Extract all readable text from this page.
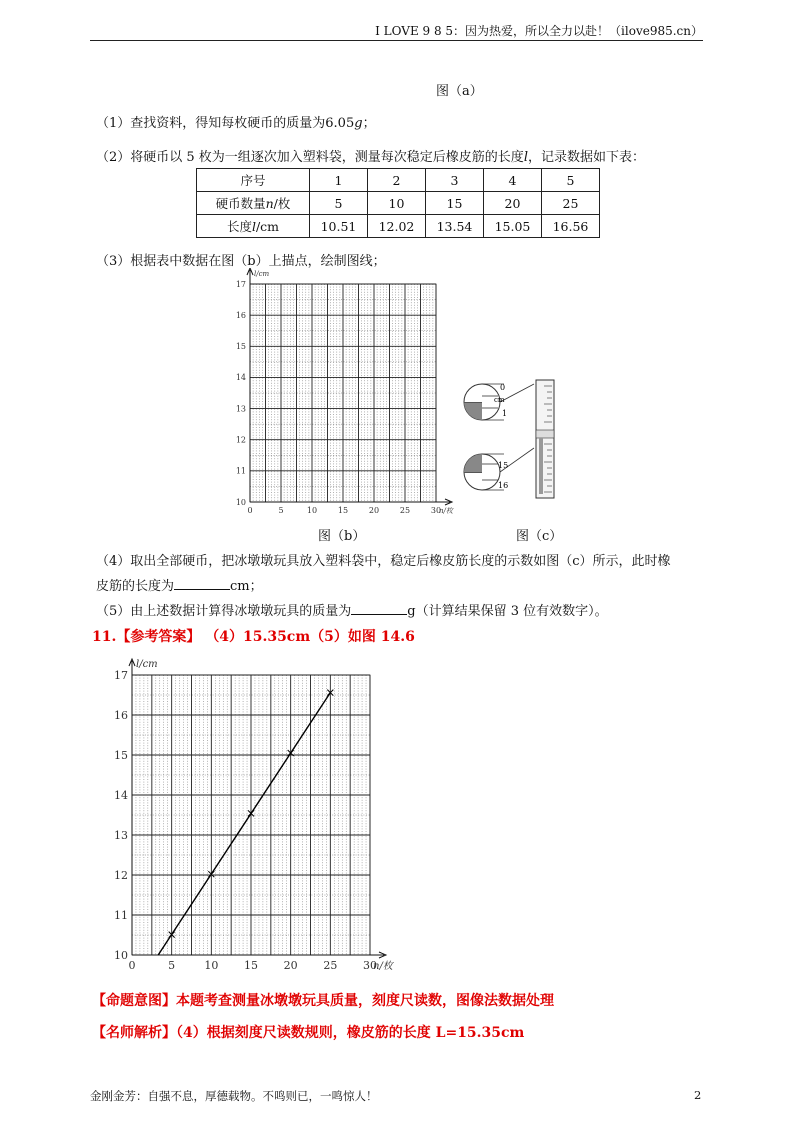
I LOVE 9 8 5：因为热爱，所以全力以赴！（ilove985.cn）
图（a）
（1）查找资料，得知每枚硬币的质量为6.05g；
（2）将硬币以 5 枚为一组逐次加入塑料袋，测量每次稳定后橡皮筋的长度l，记录数据如下表：
序号	1	2	3	4	5
硬币数量n/枚	5	10	15	20	25
长度l/cm	10.51	12.02	13.54	15.05	16.56
（3）根据表中数据在图（b）上描点，绘制图线；
0	5	10	15	20	25	30
10
11
12
13
14
15
16
17
l/cm
n/枚
0
cm
1
15
16
图（b）	图（c）
（4）取出全部硬币，把冰墩墩玩具放入塑料袋中，稳定后橡皮筋长度的示数如图（c）所示，此时橡
皮筋的长度为	cm；
（5）由上述数据计算得冰墩墩玩具的质量为	g（计算结果保留 3 位有效数字）。
11.【参考答案】 （4）15.35cm（5）如图 14.6
0	5	10 15 20 25 30
10
11
12
13
14
15
16
17
l/cm
n/枚
【命题意图】本题考查测量冰墩墩玩具质量，刻度尺读数，图像法数据处理
【名师解析】（4）根据刻度尺读数规则，橡皮筋的长度 L=15.35cm
金刚金芳：自强不息，厚德载物。不鸣则已，一鸣惊人！	2
